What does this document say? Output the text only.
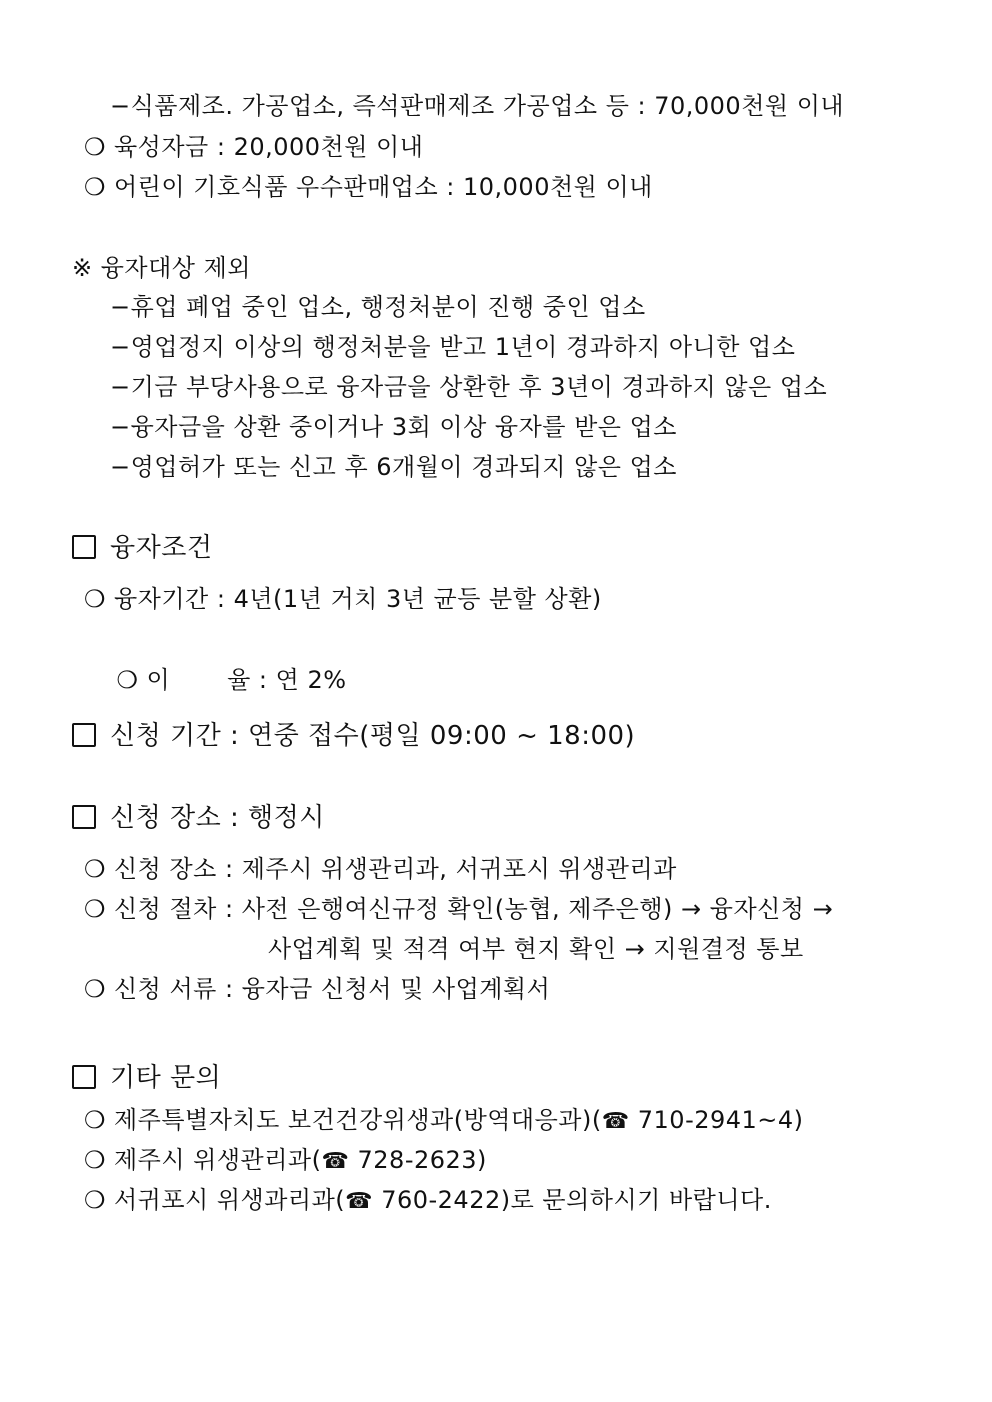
−식품제조. 가공업소, 즉석판매제조 가공업소 등 : 70,000천원 이내
❍ 육성자금 : 20,000천원 이내
❍ 어린이 기호식품 우수판매업소 : 10,000천원 이내
※ 융자대상 제외
−휴업 폐업 중인 업소, 행정처분이 진행 중인 업소
−영업정지 이상의 행정처분을 받고 1년이 경과하지 아니한 업소
−기금 부당사용으로 융자금을 상환한 후 3년이 경과하지 않은 업소
−융자금을 상환 중이거나 3회 이상 융자를 받은 업소
−영업허가 또는 신고 후 6개월이 경과되지 않은 업소
융자조건
❍ 융자기간 : 4년(1년 거치 3년 균등 분할 상환)

❍ 이       율 : 연 2%

신청 기간 : 연중 접수(평일 09:00 ~ 18:00)
신청 장소 : 행정시
❍ 신청 장소 : 제주시 위생관리과, 서귀포시 위생관리과
❍ 신청 절차 : 사전 은행여신규정 확인(농협, 제주은행) → 융자신청 →
사업계획 및 적격 여부 현지 확인 → 지원결정 통보
❍ 신청 서류 : 융자금 신청서 및 사업계획서
기타 문의
❍ 제주특별자치도 보건건강위생과(방역대응과)(☎ 710-2941~4)
❍ 제주시 위생관리과(☎ 728-2623)
❍ 서귀포시 위생과리과(☎ 760-2422)로 문의하시기 바랍니다.
